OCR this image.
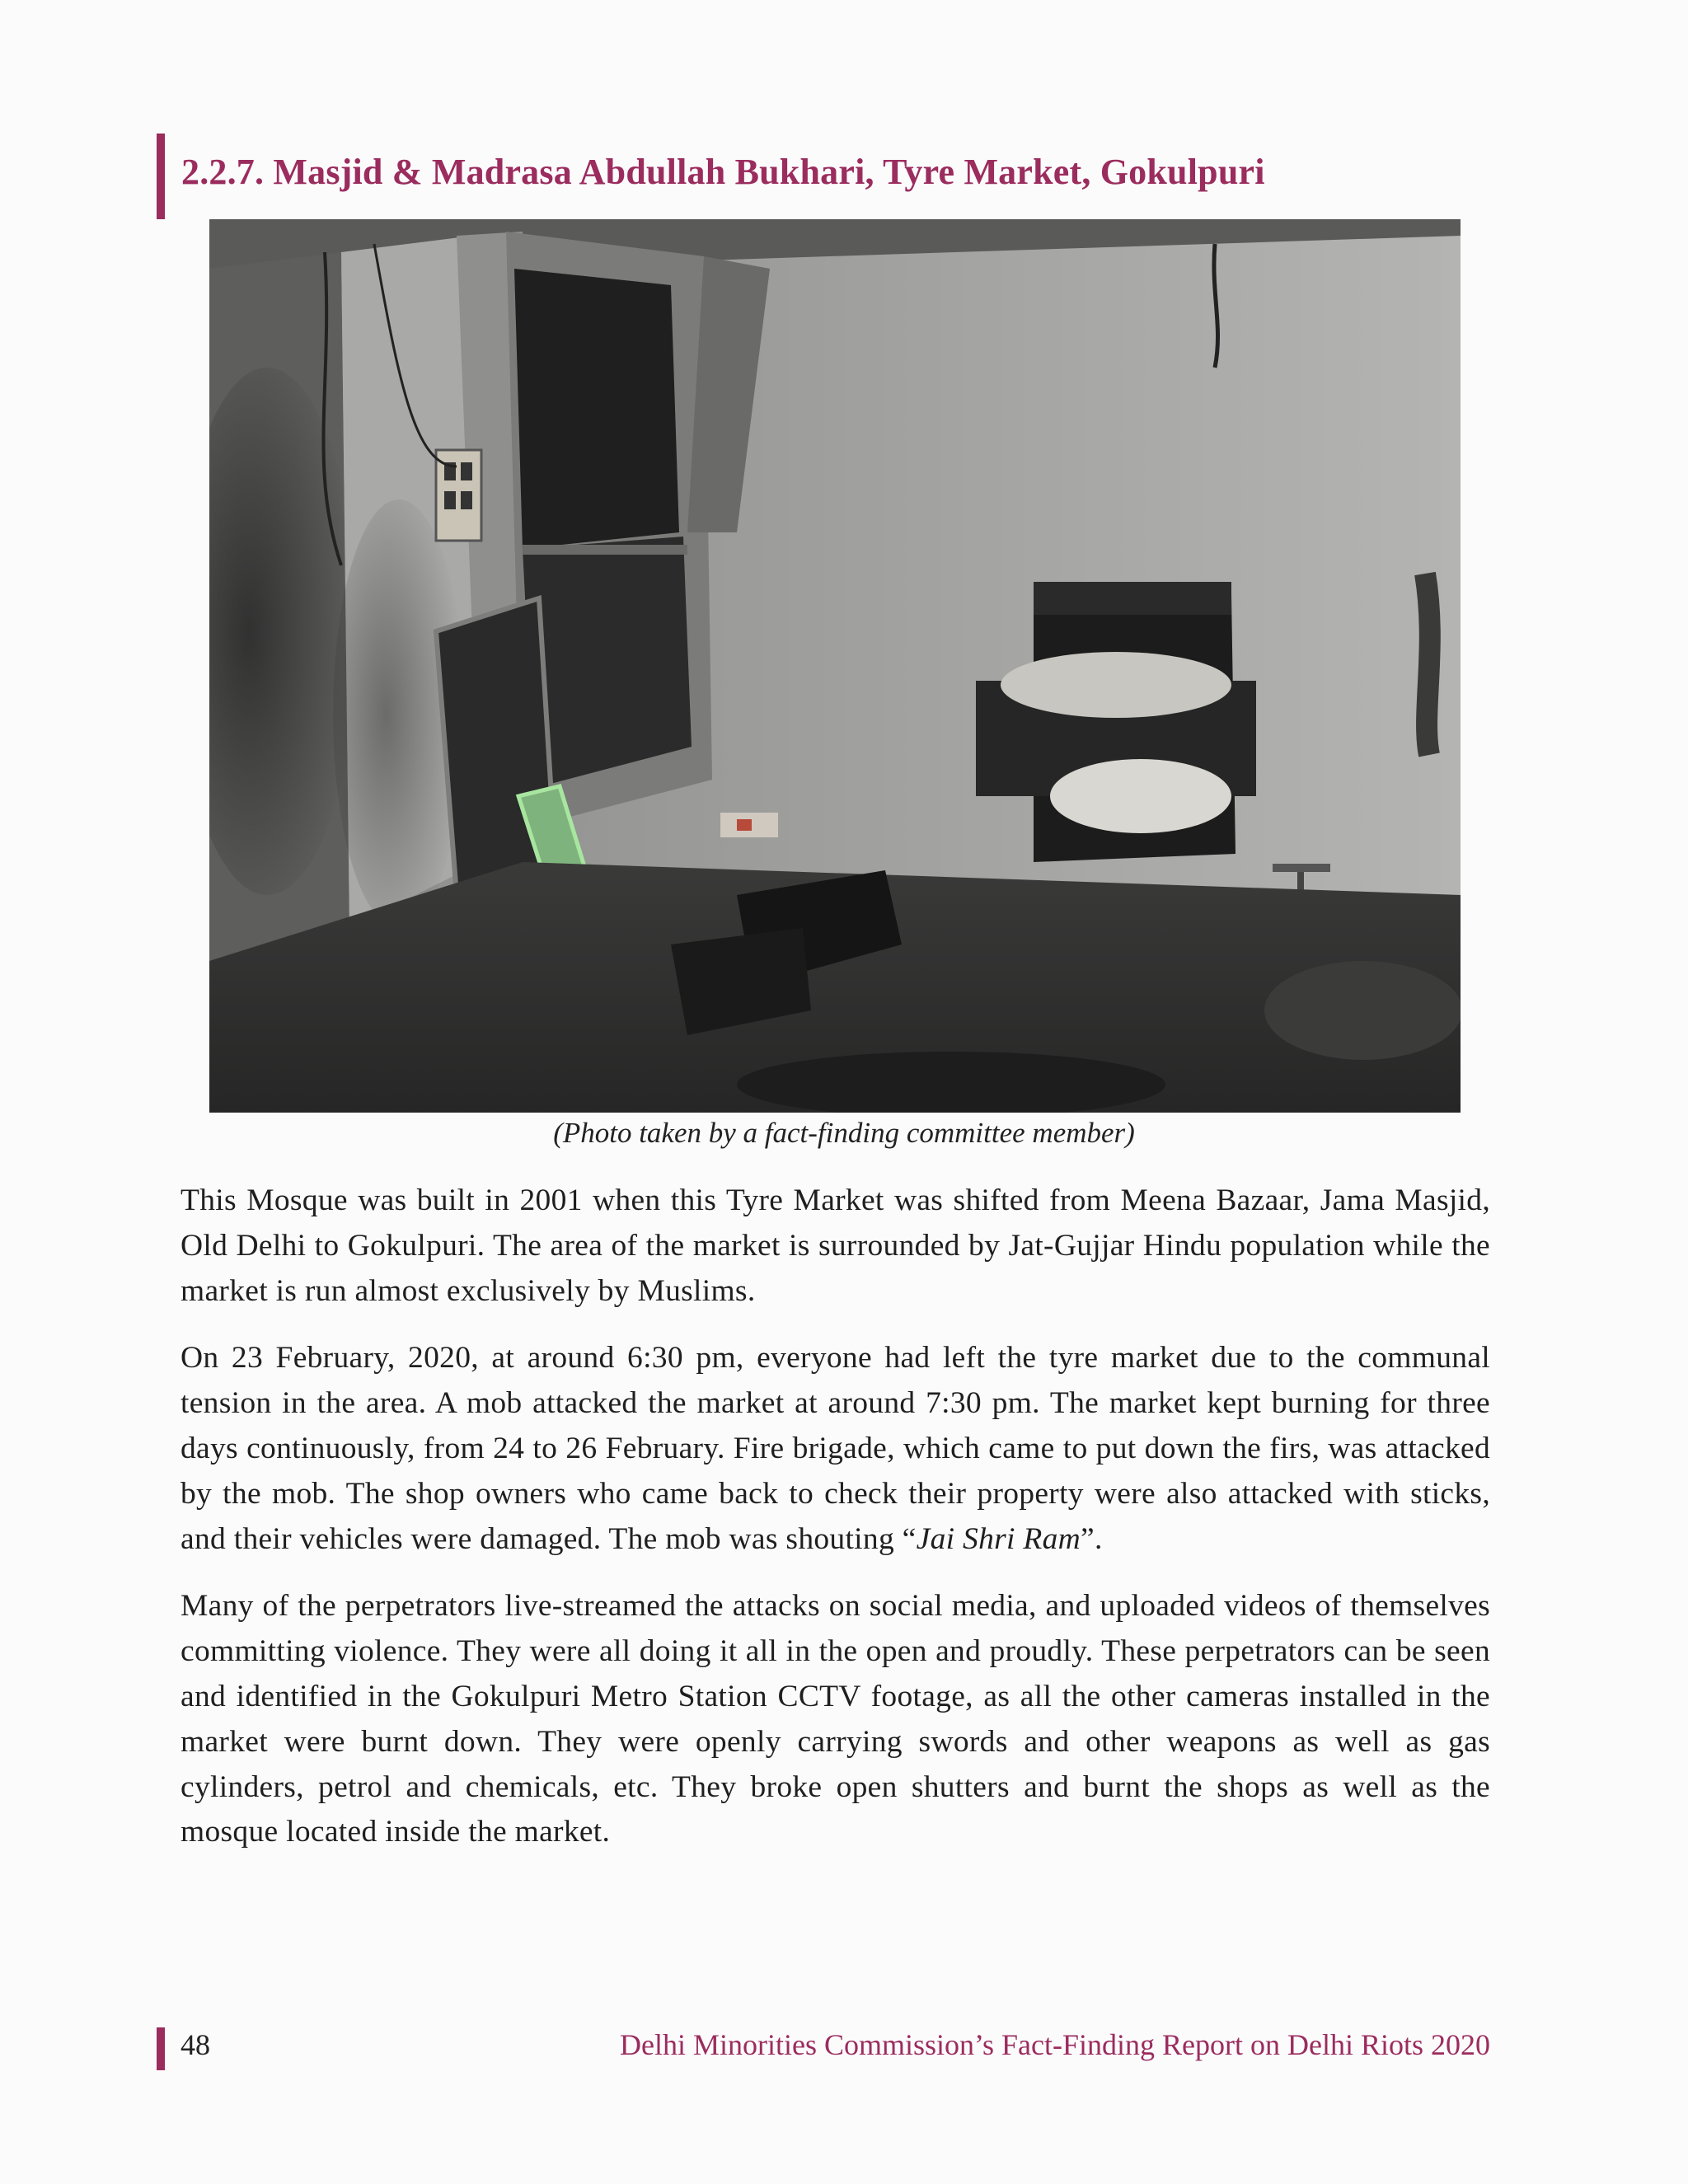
2.2.7. Masjid & Madrasa Abdullah Bukhari, Tyre Market, Gokulpuri
(Photo taken by a fact-finding committee member)

This Mosque was built in 2001 when this Tyre Market was shifted from Meena Bazaar, Jama Masjid, Old Delhi to Gokulpuri. The area of the market is surrounded by Jat-Gujjar Hindu population while the market is run almost exclusively by Muslims.

On 23 February, 2020, at around 6:30 pm, everyone had left the tyre market due to the communal tension in the area. A mob attacked the market at around 7:30 pm. The market kept burning for three days continuously, from 24 to 26 February. Fire brigade, which came to put down the firs, was attacked by the mob. The shop owners who came back to check their property were also attacked with sticks, and their vehicles were damaged. The mob was shouting “Jai Shri Ram”.

Many of the perpetrators live-streamed the attacks on social media, and uploaded videos of themselves committing violence. They were all doing it all in the open and proudly. These perpetrators can be seen and identified in the Gokulpuri Metro Station CCTV footage, as all the other cameras installed in the market were burnt down. They were openly carrying swords and other weapons as well as gas cylinders, petrol and chemicals, etc. They broke open shutters and burnt the shops as well as the mosque located inside the market.

48	Delhi Minorities Commission’s Fact-Finding Report on Delhi Riots 2020
